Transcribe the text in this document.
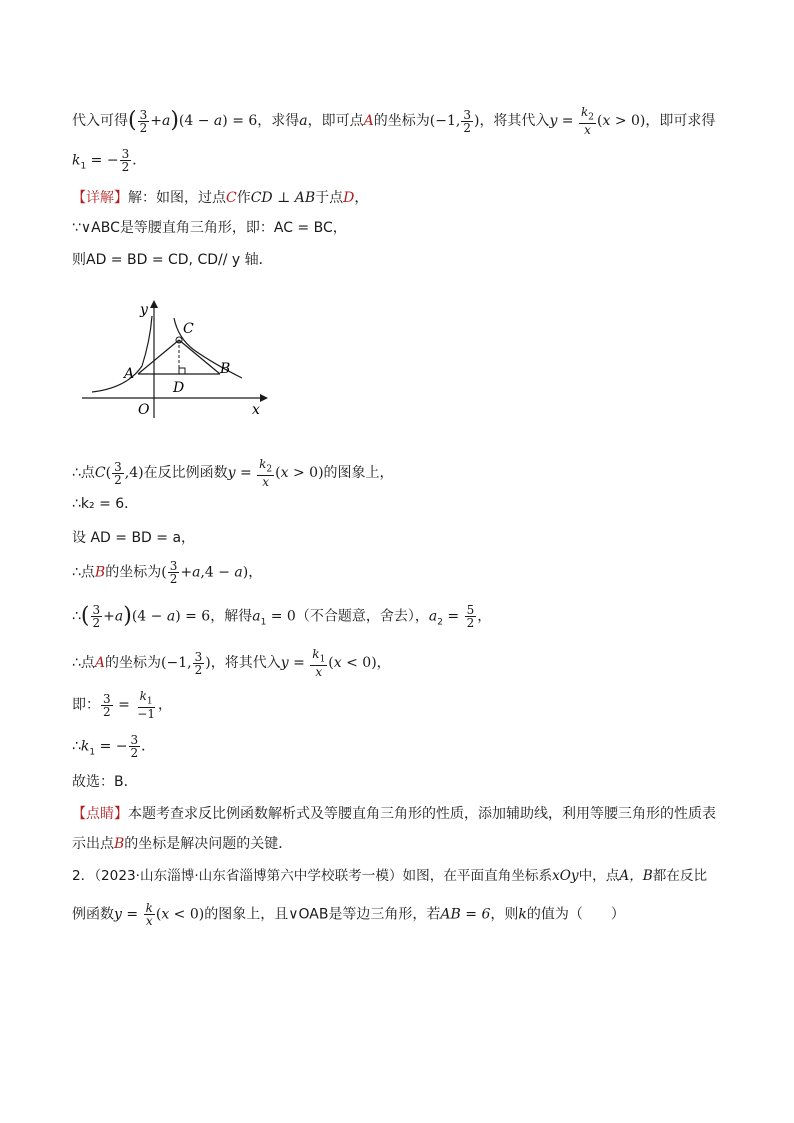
代入可得( $\frac{3}{2} +a)(4 - a) = 6$，求得a，即可点A的坐标为(−1, $\frac{3}{2}$ )，将其代入$y = \frac{k_2}{x} (x > 0)$，即可求得
$k_1$ = − $\frac{3}{2}$ ．
【详解】解：如图，过点C作CD ⊥ AB于点D，
∵∨ABC是等腰直角三角形，即：AC = BC，
则AD = BD = CD, CD// y 轴．
y
x
O
A	B
C
D
∴点$C( \frac{3}{2} ,4)$在反比例函数$y = \frac{k_2}{x} (x > 0)$的图象上，
∴k₂ = 6．
设 AD = BD = a，
∴点B的坐标为( $\frac{3}{2} +a,4 - a$)，
∴( $\frac{3}{2} +a)(4 - a) = 6$，解得$a_1 = 0$（不合题意，舍去），$a_2 = \frac{5}{2}$ ，
∴点A的坐标为(−1, $\frac{3}{2}$ )，将其代入$y = \frac{k_1}{x} (x < 0)$，
即： $\frac{3}{2} = \frac{k_1}{-1}$ ，
$\therefore k_1$ = − $\frac{3}{2}$ ．
故选：B．
【点睛】本题考查求反比例函数解析式及等腰直角三角形的性质，添加辅助线，利用等腰三角形的性质表
示出点B的坐标是解决问题的关键．
2．（2023·山东淄博·山东省淄博第六中学校联考一模）如图，在平面直角坐标系xOy中，点A，B都在反比
例函数$y = \frac{k}{x} (x < 0)$的图象上，且∨OAB是等边三角形，若AB = 6，则k的值为（　　）
